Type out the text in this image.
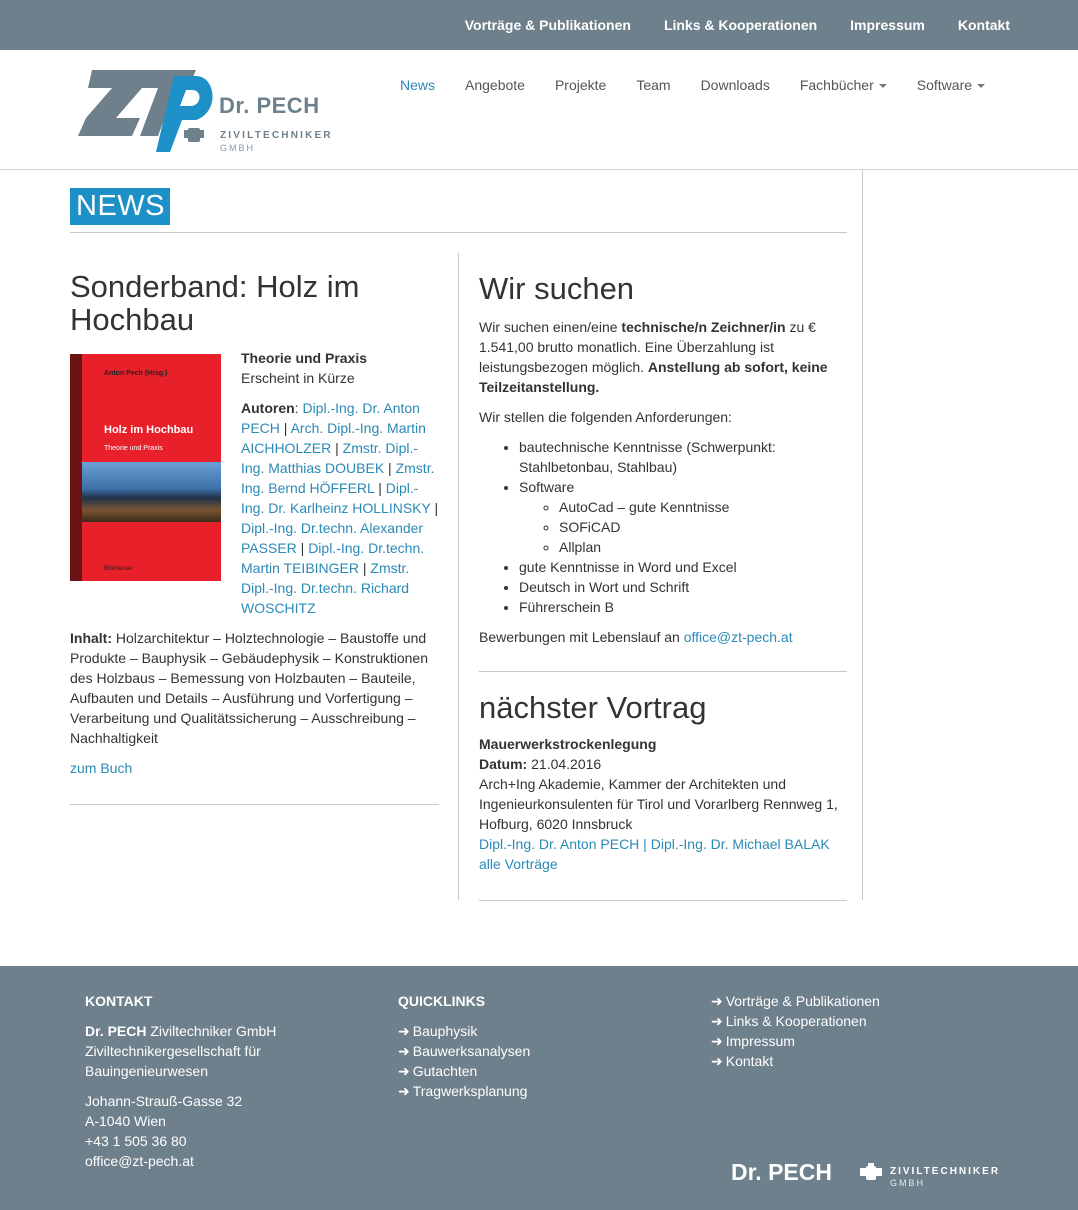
Vorträge & Publikationen Links & Kooperationen Impressum Kontakt
Dr. PECH
ZIVILTECHNIKER
GMBH
News Angebote Projekte Team Downloads Fachbücher	Software
NEWS
Sonderband: Holz im Hochbau
Anton Pech (Hrsg.)
Holz im Hochbau
Theorie und Praxis
Birkhäuser

Theorie und Praxis
Erscheint in Kürze

Autoren: Dipl.-Ing. Dr. Anton PECH | Arch. Dipl.-Ing. Martin AICHHOLZER | Zmstr. Dipl.-Ing. Matthias DOUBEK | Zmstr. Ing. Bernd HÖFFERL | Dipl.-Ing. Dr. Karlheinz HOLLINSKY | Dipl.-Ing. Dr.techn. Alexander PASSER | Dipl.-Ing. Dr.techn. Martin TEIBINGER | Zmstr. Dipl.-Ing. Dr.techn. Richard WOSCHITZ

Inhalt: Holzarchitektur – Holztechnologie – Baustoffe und Produkte – Bauphysik – Gebäudephysik – Konstruktionen des Holzbaus – Bemessung von Holzbauten – Bauteile, Aufbauten und Details – Ausführung und Vorfertigung – Verarbeitung und Qualitätssicherung – Ausschreibung – Nachhaltigkeit

zum Buch

Wir suchen

Wir suchen einen/eine technische/n Zeichner/in zu € 1.541,00 brutto monatlich. Eine Überzahlung ist leistungsbezogen möglich. Anstellung ab sofort, keine Teilzeitanstellung.

Wir stellen die folgenden Anforderungen:

• bautechnische Kenntnisse (Schwerpunkt: Stahlbetonbau, Stahlbau)
• Software
◦ AutoCad – gute Kenntnisse
◦ SOFiCAD
◦ Allplan
• gute Kenntnisse in Word und Excel
• Deutsch in Wort und Schrift
• Führerschein B

Bewerbungen mit Lebenslauf an office@zt-pech.at

nächster Vortrag
Mauerwerkstrockenlegung
Datum: 21.04.2016
Arch+Ing Akademie, Kammer der Architekten und Ingenieurkonsulenten für Tirol und Vorarlberg Rennweg 1, Hofburg, 6020 Innsbruck
Dipl.-Ing. Dr. Anton PECH | Dipl.-Ing. Dr. Michael BALAK
alle Vorträge
KONTAKT

Dr. PECH Ziviltechniker GmbH
Ziviltechnikergesellschaft für Bauingenieurwesen

Johann-Strauß-Gasse 32
A-1040 Wien
+43 1 505 36 80
office@zt-pech.at

QUICKLINKS
➜ Bauphysik
➜ Bauwerksanalysen
➜ Gutachten
➜ Tragwerksplanung
➜ Vorträge & Publikationen
➜ Links & Kooperationen
➜ Impressum
➜ Kontakt
Dr. PECH	ZIVILTECHNIKER
GMBH
